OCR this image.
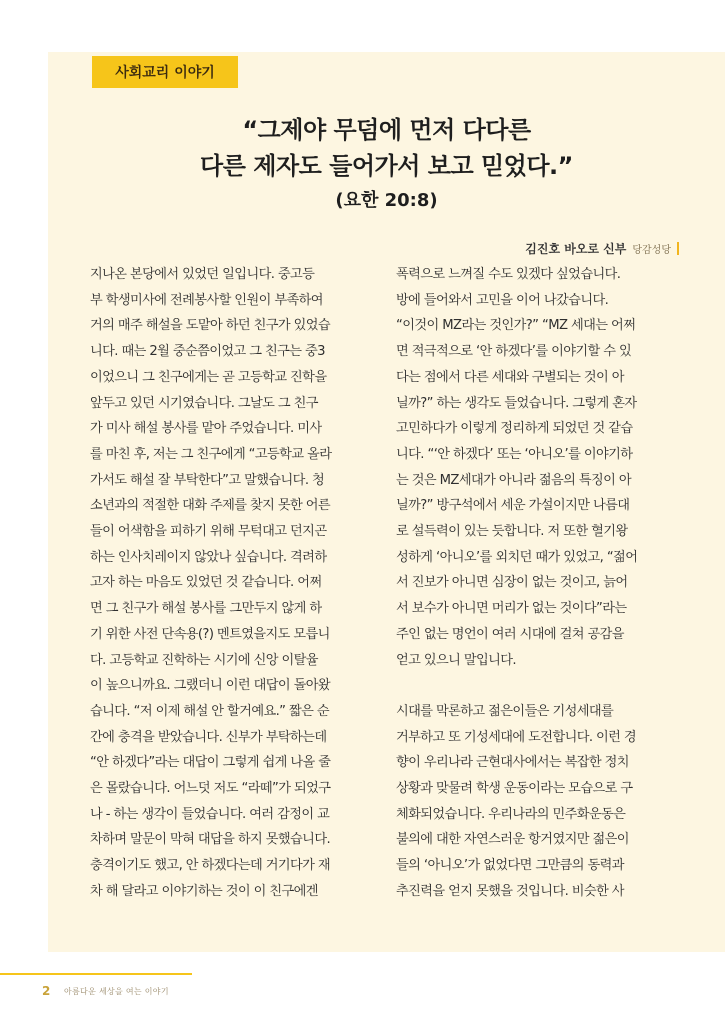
사회교리 이야기
“그제야 무덤에 먼저 다다른
다른 제자도 들어가서 보고 믿었다.”
(요한 20:8)
김진호 바오로 신부 당감성당

지나온 본당에서 있었던 일입니다. 중고등

부 학생미사에 전례봉사할 인원이 부족하여

거의 매주 해설을 도맡아 하던 친구가 있었습

니다. 때는 2월 중순쯤이었고 그 친구는 중3

이었으니 그 친구에게는 곧 고등학교 진학을

앞두고 있던 시기였습니다. 그날도 그 친구

가 미사 해설 봉사를 맡아 주었습니다. 미사

를 마친 후, 저는 그 친구에게 “고등학교 올라

가서도 해설 잘 부탁한다”고 말했습니다. 청

소년과의 적절한 대화 주제를 찾지 못한 어른

들이 어색함을 피하기 위해 무턱대고 던지곤

하는 인사치레이지 않았나 싶습니다. 격려하

고자 하는 마음도 있었던 것 같습니다. 어쩌

면 그 친구가 해설 봉사를 그만두지 않게 하

기 위한 사전 단속용(?) 멘트였을지도 모릅니

다. 고등학교 진학하는 시기에 신앙 이탈율

이 높으니까요. 그랬더니 이런 대답이 돌아왔

습니다. “저 이제 해설 안 할거예요.” 짧은 순

간에 충격을 받았습니다. 신부가 부탁하는데

“안 하겠다”라는 대답이 그렇게 쉽게 나올 줄

은 몰랐습니다. 어느덧 저도 “라떼”가 되었구

나 - 하는 생각이 들었습니다. 여러 감정이 교

차하며 말문이 막혀 대답을 하지 못했습니다.

충격이기도 했고, 안 하겠다는데 거기다가 재

차 해 달라고 이야기하는 것이 이 친구에겐

폭력으로 느껴질 수도 있겠다 싶었습니다.

방에 들어와서 고민을 이어 나갔습니다.

“이것이 MZ라는 것인가?” “MZ 세대는 어쩌

면 적극적으로 ‘안 하겠다’를 이야기할 수 있

다는 점에서 다른 세대와 구별되는 것이 아

닐까?” 하는 생각도 들었습니다. 그렇게 혼자

고민하다가 이렇게 정리하게 되었던 것 같습

니다. “‘안 하겠다’ 또는 ‘아니오’를 이야기하

는 것은 MZ세대가 아니라 젊음의 특징이 아

닐까?” 방구석에서 세운 가설이지만 나름대

로 설득력이 있는 듯합니다. 저 또한 혈기왕

성하게 ‘아니오’를 외치던 때가 있었고, “젊어

서 진보가 아니면 심장이 없는 것이고, 늙어

서 보수가 아니면 머리가 없는 것이다”라는

주인 없는 명언이 여러 시대에 걸쳐 공감을

얻고 있으니 말입니다.

시대를 막론하고 젊은이들은 기성세대를

거부하고 또 기성세대에 도전합니다. 이런 경

향이 우리나라 근현대사에서는 복잡한 정치

상황과 맞물려 학생 운동이라는 모습으로 구

체화되었습니다. 우리나라의 민주화운동은

불의에 대한 자연스러운 항거였지만 젊은이

들의 ‘아니오’가 없었다면 그만큼의 동력과

추진력을 얻지 못했을 것입니다. 비슷한 사

2 아름다운 세상을 여는 이야기
